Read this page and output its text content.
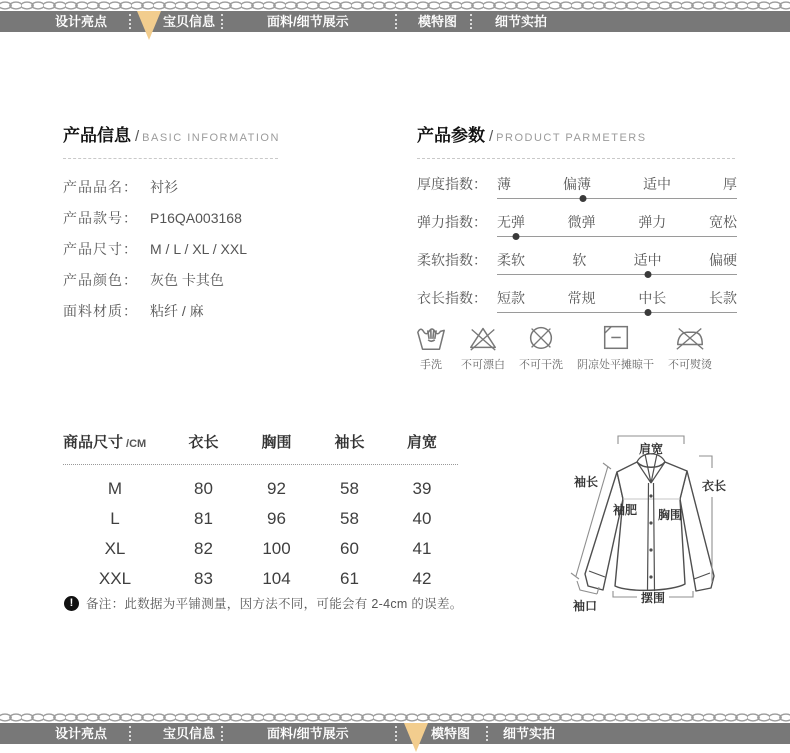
设计亮点	宝贝信息	面料/细节展示	模特图	细节实拍
产品信息 / BASIC INFORMATION
产品品名： 衬衫
产品款号： P16QA003168
产品尺寸： M / L / XL / XXL
产品颜色： 灰色 卡其色
面料材质： 粘纤 / 麻
产品参数 / PRODUCT PARMETERS
厚度指数： 薄	偏薄	适中	厚
弹力指数： 无弹	微弹	弹力	宽松
柔软指数： 柔软	软	适中	偏硬
衣长指数： 短款	常规	中长	长款
手洗 不可漂白 不可干洗 阴凉处平摊晾干 不可熨烫
商品尺寸 /CM	衣长	胸围	袖长	肩宽
M	80	92	58	39
L	81	96	58	40
XL	82	100	60	41
XXL	83	104	61	42
!	备注：此数据为平铺测量，因方法不同，可能会有 2-4cm 的误差。
肩宽
袖长	衣长
袖肥 胸围
摆围
袖口
设计亮点	宝贝信息	面料/细节展示	模特图	细节实拍
